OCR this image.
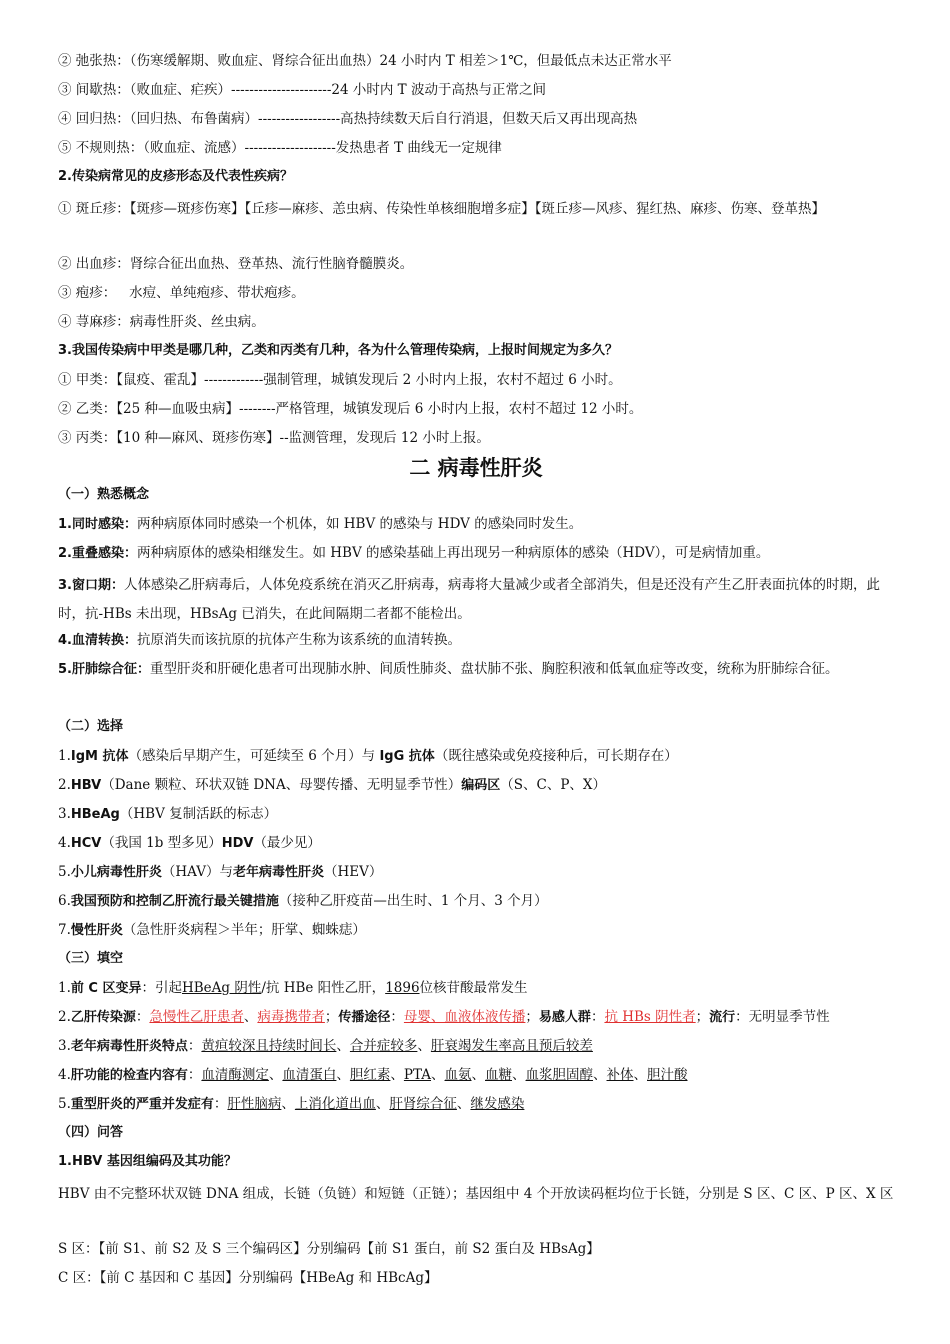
② 弛张热：（伤寒缓解期、败血症、肾综合征出血热）24 小时内 T 相差＞1℃，但最低点未达正常水平
③ 间歇热：（败血症、疟疾）----------------------24 小时内 T 波动于高热与正常之间
④ 回归热：（回归热、布鲁菌病）------------------高热持续数天后自行消退，但数天后又再出现高热
⑤ 不规则热：（败血症、流感）--------------------发热患者 T 曲线无一定规律
2.传染病常见的皮疹形态及代表性疾病？
① 斑丘疹：【斑疹—斑疹伤寒】【丘疹—麻疹、恙虫病、传染性单核细胞增多症】【斑丘疹—风疹、猩红热、麻疹、伤寒、登革热】
② 出血疹：肾综合征出血热、登革热、流行性脑脊髓膜炎。
③ 疱疹：   水痘、单纯疱疹、带状疱疹。
④ 荨麻疹：病毒性肝炎、丝虫病。
3.我国传染病中甲类是哪几种，乙类和丙类有几种，各为什么管理传染病，上报时间规定为多久？
① 甲类：【鼠疫、霍乱】-------------强制管理，城镇发现后 2 小时内上报，农村不超过 6 小时。
② 乙类：【25 种—血吸虫病】--------严格管理，城镇发现后 6 小时内上报，农村不超过 12 小时。
③ 丙类：【10 种—麻风、斑疹伤寒】--监测管理，发现后 12 小时上报。
二 病毒性肝炎
（一）熟悉概念
1.同时感染：两种病原体同时感染一个机体，如 HBV 的感染与 HDV 的感染同时发生。
2.重叠感染：两种病原体的感染相继发生。如 HBV 的感染基础上再出现另一种病原体的感染（HDV），可是病情加重。
3.窗口期：人体感染乙肝病毒后，人体免疫系统在消灭乙肝病毒，病毒将大量减少或者全部消失，但是还没有产生乙肝表面抗体的时期，此时，抗-HBs 未出现，HBsAg 已消失，在此间隔期二者都不能检出。
4.血清转换：抗原消失而该抗原的抗体产生称为该系统的血清转换。
5.肝肺综合征：重型肝炎和肝硬化患者可出现肺水肿、间质性肺炎、盘状肺不张、胸腔积液和低氧血症等改变，统称为肝肺综合征。
（二）选择
1.IgM 抗体（感染后早期产生，可延续至 6 个月）与 IgG 抗体（既往感染或免疫接种后，可长期存在）
2.HBV（Dane 颗粒、环状双链 DNA、母婴传播、无明显季节性）编码区（S、C、P、X）
3.HBeAg（HBV 复制活跃的标志）
4.HCV（我国 1b 型多见）HDV（最少见）
5.小儿病毒性肝炎（HAV）与老年病毒性肝炎（HEV）
6.我国预防和控制乙肝流行最关键措施（接种乙肝疫苗—出生时、1 个月、3 个月）
7.慢性肝炎（急性肝炎病程＞半年；肝掌、蜘蛛痣）
（三）填空
1.前 C 区变异：引起HBeAg 阴性/抗 HBe 阳性乙肝，1896位核苷酸最常发生
2.乙肝传染源：急慢性乙肝患者、病毒携带者；传播途径：母婴、血液体液传播；易感人群：抗 HBs 阴性者；流行：无明显季节性
3.老年病毒性肝炎特点：黄疸较深且持续时间长、合并症较多、肝衰竭发生率高且预后较差
4.肝功能的检查内容有：血清酶测定、血清蛋白、胆红素、PTA、血氨、血糖、血浆胆固醇、补体、胆汁酸
5.重型肝炎的严重并发症有：肝性脑病、上消化道出血、肝肾综合征、继发感染
（四）问答
1.HBV 基因组编码及其功能？
HBV 由不完整环状双链 DNA 组成，长链（负链）和短链（正链）；基因组中 4 个开放读码框均位于长链，分别是 S 区、C 区、P 区、X 区
S 区：【前 S1、前 S2 及 S 三个编码区】分别编码【前 S1 蛋白，前 S2 蛋白及 HBsAg】
C 区：【前 C 基因和 C 基因】分别编码【HBeAg 和 HBcAg】
